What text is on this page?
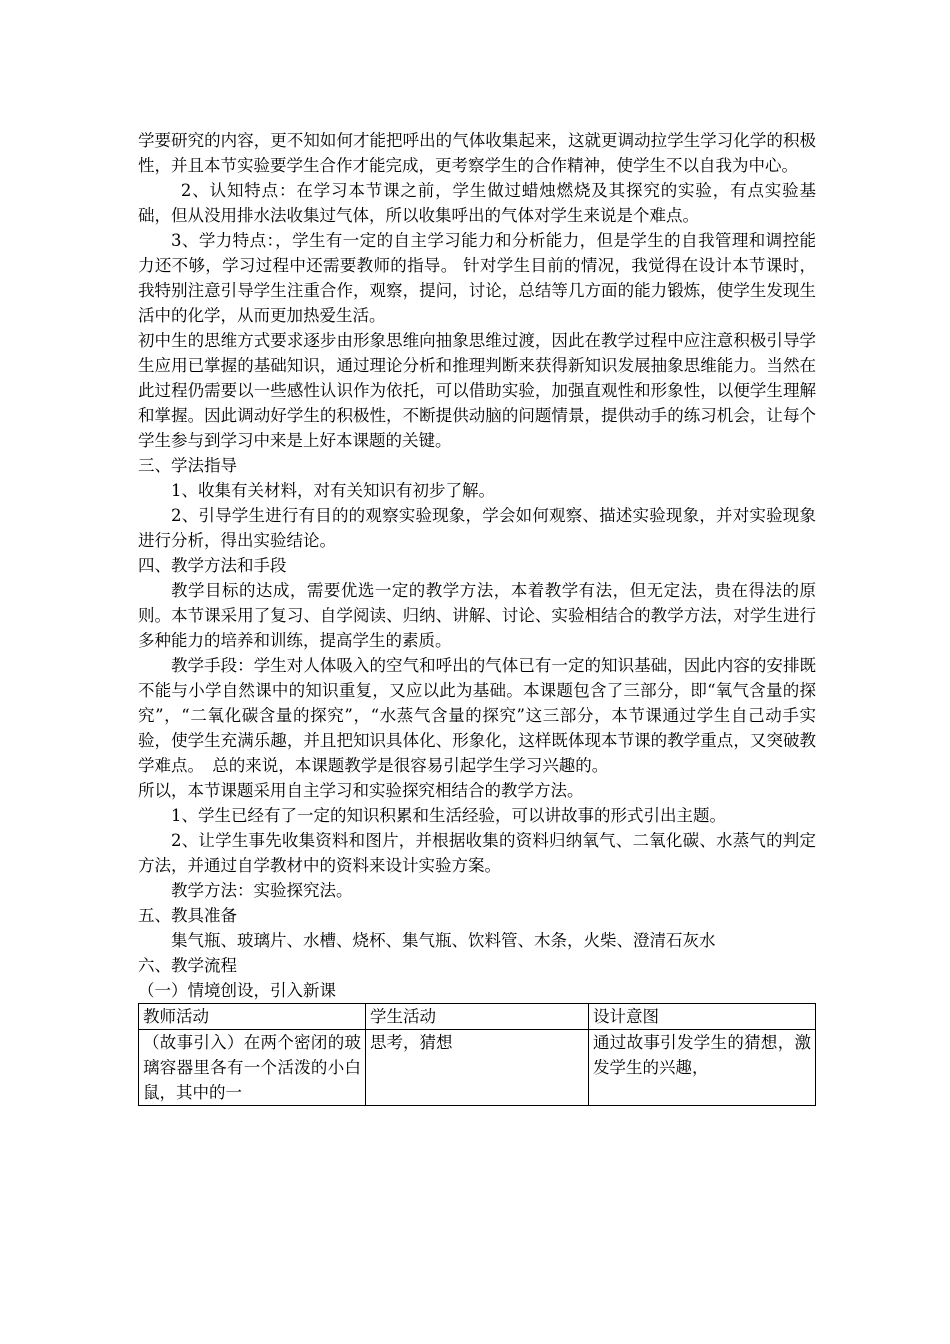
学要研究的内容，更不知如何才能把呼出的气体收集起来，这就更调动拉学生学习化学的积极性，并且本节实验要学生合作才能完成，更考察学生的合作精神，使学生不以自我为中心。

2、认知特点：在学习本节课之前，学生做过蜡烛燃烧及其探究的实验，有点实验基础，但从没用排水法收集过气体，所以收集呼出的气体对学生来说是个难点。

3、学力特点：，学生有一定的自主学习能力和分析能力，但是学生的自我管理和调控能力还不够，学习过程中还需要教师的指导。 针对学生目前的情况，我觉得在设计本节课时，我特别注意引导学生注重合作，观察，提问，讨论，总结等几方面的能力锻炼，使学生发现生活中的化学，从而更加热爱生活。

初中生的思维方式要求逐步由形象思维向抽象思维过渡，因此在教学过程中应注意积极引导学生应用已掌握的基础知识，通过理论分析和推理判断来获得新知识发展抽象思维能力。当然在此过程仍需要以一些感性认识作为依托，可以借助实验，加强直观性和形象性，以便学生理解和掌握。因此调动好学生的积极性，不断提供动脑的问题情景，提供动手的练习机会，让每个学生参与到学习中来是上好本课题的关键。

三、学法指导

1、收集有关材料，对有关知识有初步了解。

2、引导学生进行有目的的观察实验现象，学会如何观察、描述实验现象，并对实验现象进行分析，得出实验结论。

四、教学方法和手段

教学目标的达成，需要优选一定的教学方法，本着教学有法，但无定法，贵在得法的原则。本节课采用了复习、自学阅读、归纳、讲解、讨论、实验相结合的教学方法，对学生进行多种能力的培养和训练，提高学生的素质。

教学手段：学生对人体吸入的空气和呼出的气体已有一定的知识基础，因此内容的安排既不能与小学自然课中的知识重复，又应以此为基础。本课题包含了三部分，即“氧气含量的探究”，“二氧化碳含量的探究”，“水蒸气含量的探究”这三部分，本节课通过学生自己动手实验，使学生充满乐趣，并且把知识具体化、形象化，这样既体现本节课的教学重点，又突破教学难点。　总的来说，本课题教学是很容易引起学生学习兴趣的。

所以，本节课题采用自主学习和实验探究相结合的教学方法。

1、学生已经有了一定的知识积累和生活经验，可以讲故事的形式引出主题。

2、让学生事先收集资料和图片，并根据收集的资料归纳氧气、二氧化碳、水蒸气的判定方法，并通过自学教材中的资料来设计实验方案。

教学方法：实验探究法。

五、教具准备

集气瓶、玻璃片、水槽、烧杯、集气瓶、饮料管、木条，火柴、澄清石灰水

六、教学流程

（一）情境创设，引入新课

教师活动	学生活动	设计意图
（故事引入）在两个密闭的玻璃容器里各有一个活泼的小白鼠，其中的一	思考，猜想	通过故事引发学生的猜想，激发学生的兴趣，
